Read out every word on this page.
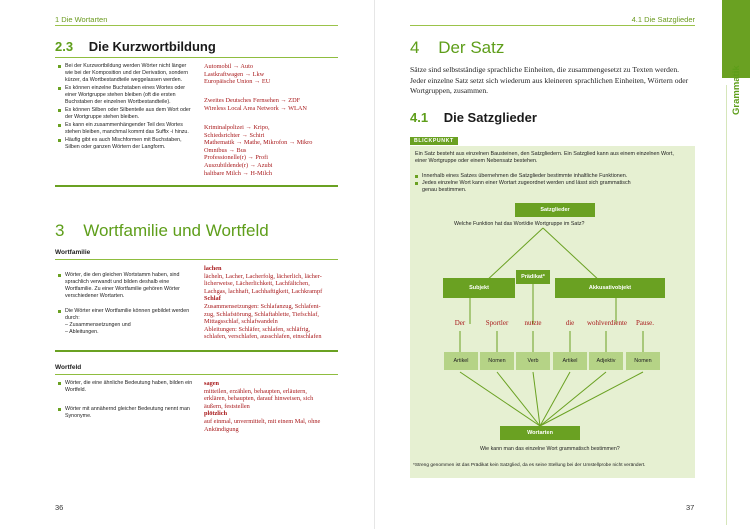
1 Die Wortarten
2.3 Die Kurzwortbildung
Bei der Kurzwortbildung werden Wörter nicht länger wie bei der Komposition und der Derivation, sondern kürzer, da Wortbestandteile weggelassen werden.
Es können einzelne Buchstaben eines Wortes oder einer Wortgruppe stehen bleiben (oft die ersten Buchstaben der einzelnen Wortbestandteile).
Es können Silben oder Silbenteile aus dem Wort oder der Wortgruppe stehen bleiben.
Es kann ein zusammenhängender Teil des Wortes stehen bleiben, manchmal kommt das Suffix -i hinzu.
Häufig gibt es auch Mischformen mit Buchstaben, Silben oder ganzen Wörtern der Langform.
Automobil → Auto
Lastkraftwagen → Lkw
Europäische Union → EU
Zweites Deutsches Fernsehen → ZDF
Wireless Local Area Network → WLAN
Kriminalpolizei → Kripo,
Schiedsrichter → Schiri
Mathematik → Mathe, Mikrofon → Mikro
Omnibus → Bus
Professionelle(r) → Profi
Auszubildende(r) → Azubi
haltbare Milch → H-Milch
3 Wortfamilie und Wortfeld
Wortfamilie

Wörter, die den gleichen Wortstamm haben, sind sprachlich verwandt und bilden deshalb eine Wortfamilie. Zu einer Wortfamilie gehören Wörter verschiedener Wortarten.

Die Wörter einer Wortfamilie können gebildet werden durch:
– Zusammensetzungen und
– Ableitungen.

lachen
lächeln, Lacher, Lacherfolg, lächerlich, lächer-
licherweise, Lächerlichkeit, Lachfältchen,
Lachgas, lachhaft, Lachhaftigkeit, Lachkrampf
Schlaf
Zusammensetzungen: Schlafanzug, Schlafent-
zug, Schlafstörung, Schlaftablette, Tiefschlaf,
Mittagsschlaf, schlafwandeln
Ableitungen: Schläfer, schlafen, schläfrig,
schlafen, verschlafen, ausschlafen, einschlafen
Wortfeld
Wörter, die eine ähnliche Bedeutung haben, bilden ein Wortfeld.
Wörter mit annähernd gleicher Bedeutung nennt man Synonyme.
sagen
mitteilen, erzählen, behaupten, erläutern,
erklären, behaupten, darauf hinweisen, sich
äußern, feststellen
plötzlich
auf einmal, unvermittelt, mit einem Mal, ohne
Ankündigung
36
Grammatik
4.1 Die Satzglieder
4 Der Satz
Sätze sind selbstständige sprachliche Einheiten, die zusammengesetzt zu Texten werden.
Jeder einzelne Satz setzt sich wiederum aus kleineren sprachlichen Einheiten, Wörtern oder
Wortgruppen, zusammen.
4.1 Die Satzglieder
BLICKPUNKT
Ein Satz besteht aus einzelnen Bausteinen, den Satzgliedern. Ein Satzglied kann aus einem einzelnen Wort,
einer Wortgruppe oder einem Nebensatz bestehen.
Innerhalb eines Satzes übernehmen die Satzglieder bestimmte inhaltliche Funktionen.
Jedes einzelne Wort kann einer Wortart zugeordnet werden und lässt sich grammatisch
genau bestimmen.
Satzglieder
Welche Funktion hat das Wort/die Wortgruppe im Satz?
Subjekt
Prädikat*
Akkusativobjekt
Der	Sportler	nutzte	die	wohlverdiente	Pause.
Artikel	Nomen	Verb	Artikel	Adjektiv	Nomen
Wortarten
Wie kann man das einzelne Wort grammatisch bestimmen?
*Streng genommen ist das Prädikat kein Satzglied, da es seine Stellung bei der Umstellprobe nicht verändert.
37
